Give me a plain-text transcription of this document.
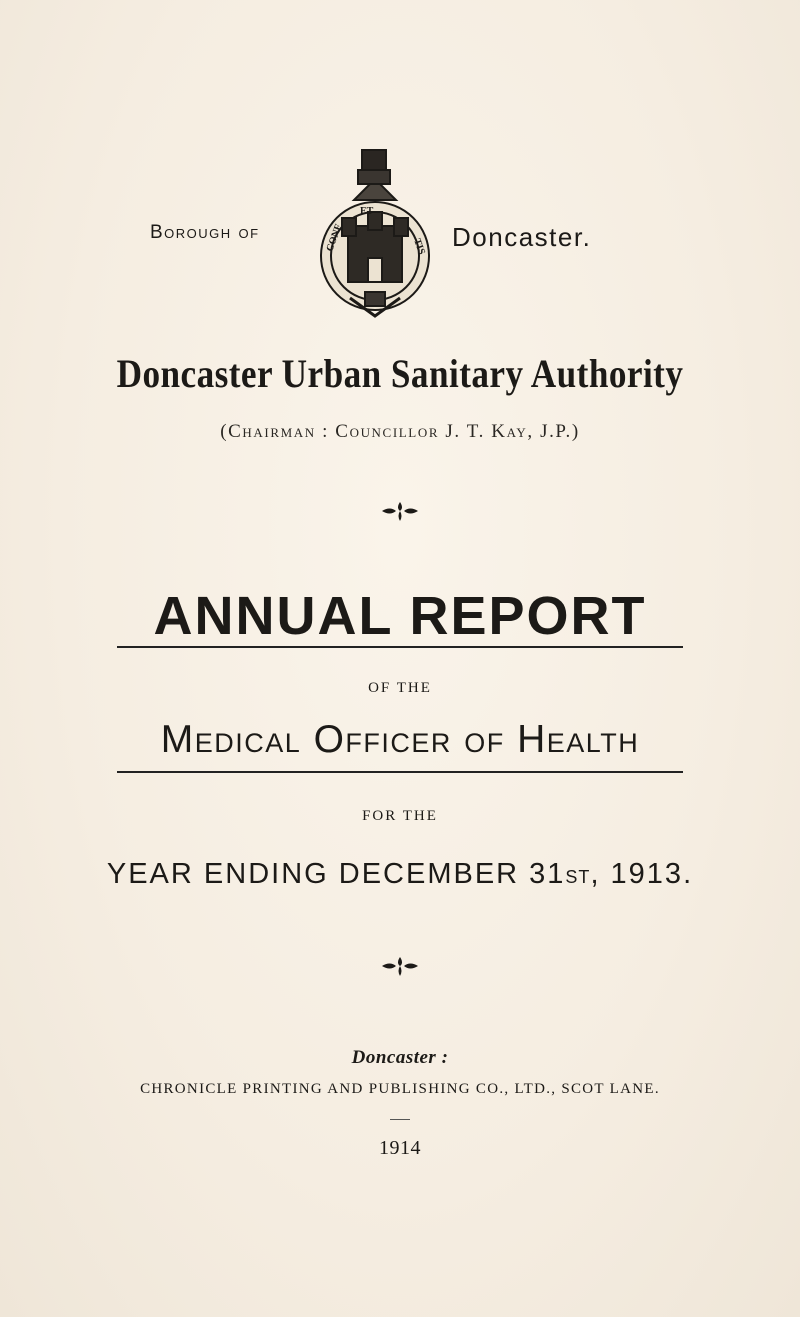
Borough of
ET
CONF	TIS Doncaster.
Doncaster Urban Sanitary Authority
(Chairman : Councillor J. T. Kay, J.P.)
ANNUAL REPORT
OF THE
Medical Officer of Health
FOR THE
YEAR ENDING DECEMBER 31ST, 1913.
Doncaster :
CHRONICLE PRINTING AND PUBLISHING CO., LTD., SCOT LANE.
1914
